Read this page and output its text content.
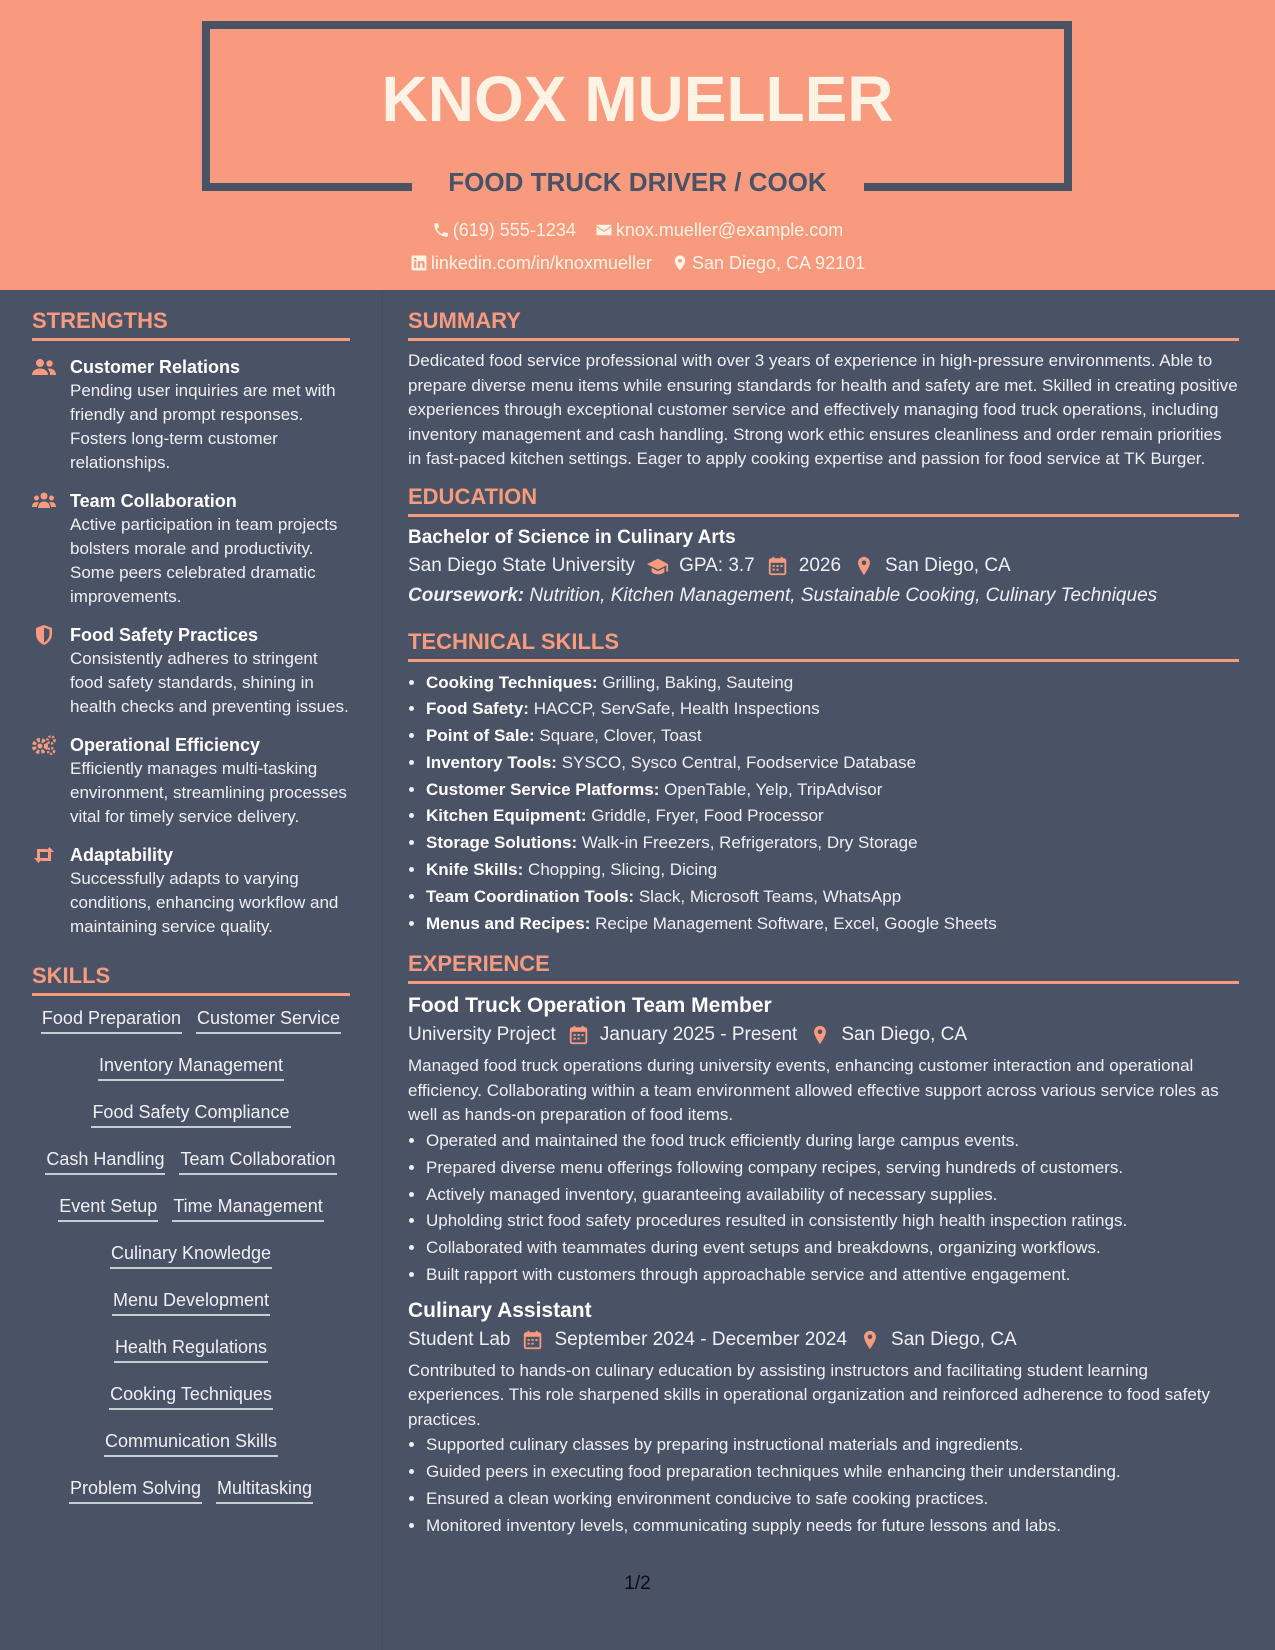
KNOX MUELLER
FOOD TRUCK DRIVER / COOK
(619) 555-1234 knox.mueller@example.com
linkedin.com/in/knoxmueller San Diego, CA 92101
STRENGTHS
Customer Relations
Pending user inquiries are met with friendly and prompt responses. Fosters long-term customer relationships.
Team Collaboration
Active participation in team projects bolsters morale and productivity. Some peers celebrated dramatic improvements.
Food Safety Practices
Consistently adheres to stringent food safety standards, shining in health checks and preventing issues.
Operational Efficiency
Efficiently manages multi-tasking environment, streamlining processes vital for timely service delivery.
Adaptability
Successfully adapts to varying conditions, enhancing workflow and maintaining service quality.
SKILLS
Food Preparation Customer Service
Inventory Management
Food Safety Compliance
Cash Handling Team Collaboration
Event Setup Time Management
Culinary Knowledge
Menu Development
Health Regulations
Cooking Techniques
Communication Skills
Problem Solving Multitasking
SUMMARY

Dedicated food service professional with over 3 years of experience in high-pressure environments. Able to prepare diverse menu items while ensuring standards for health and safety are met. Skilled in creating positive experiences through exceptional customer service and effectively managing food truck operations, including inventory management and cash handling. Strong work ethic ensures cleanliness and order remain priorities in fast-paced kitchen settings. Eager to apply cooking expertise and passion for food service at TK Burger.

EDUCATION
Bachelor of Science in Culinary Arts
San Diego State University GPA: 3.7 2026 San Diego, CA
Coursework: Nutrition, Kitchen Management, Sustainable Cooking, Culinary Techniques
TECHNICAL SKILLS
• Cooking Techniques: Grilling, Baking, Sauteing
• Food Safety: HACCP, ServSafe, Health Inspections
• Point of Sale: Square, Clover, Toast
• Inventory Tools: SYSCO, Sysco Central, Foodservice Database
• Customer Service Platforms: OpenTable, Yelp, TripAdvisor
• Kitchen Equipment: Griddle, Fryer, Food Processor
• Storage Solutions: Walk-in Freezers, Refrigerators, Dry Storage
• Knife Skills: Chopping, Slicing, Dicing
• Team Coordination Tools: Slack, Microsoft Teams, WhatsApp
• Menus and Recipes: Recipe Management Software, Excel, Google Sheets
EXPERIENCE
Food Truck Operation Team Member
University Project January 2025 - Present San Diego, CA
Managed food truck operations during university events, enhancing customer interaction and operational efficiency. Collaborating within a team environment allowed effective support across various service roles as well as hands-on preparation of food items.
• Operated and maintained the food truck efficiently during large campus events.
• Prepared diverse menu offerings following company recipes, serving hundreds of customers.
• Actively managed inventory, guaranteeing availability of necessary supplies.
• Upholding strict food safety procedures resulted in consistently high health inspection ratings.
• Collaborated with teammates during event setups and breakdowns, organizing workflows.
• Built rapport with customers through approachable service and attentive engagement.
Culinary Assistant
Student Lab September 2024 - December 2024 San Diego, CA
Contributed to hands-on culinary education by assisting instructors and facilitating student learning experiences. This role sharpened skills in operational organization and reinforced adherence to food safety practices.
• Supported culinary classes by preparing instructional materials and ingredients.
• Guided peers in executing food preparation techniques while enhancing their understanding.
• Ensured a clean working environment conducive to safe cooking practices.
• Monitored inventory levels, communicating supply needs for future lessons and labs.
1/2
